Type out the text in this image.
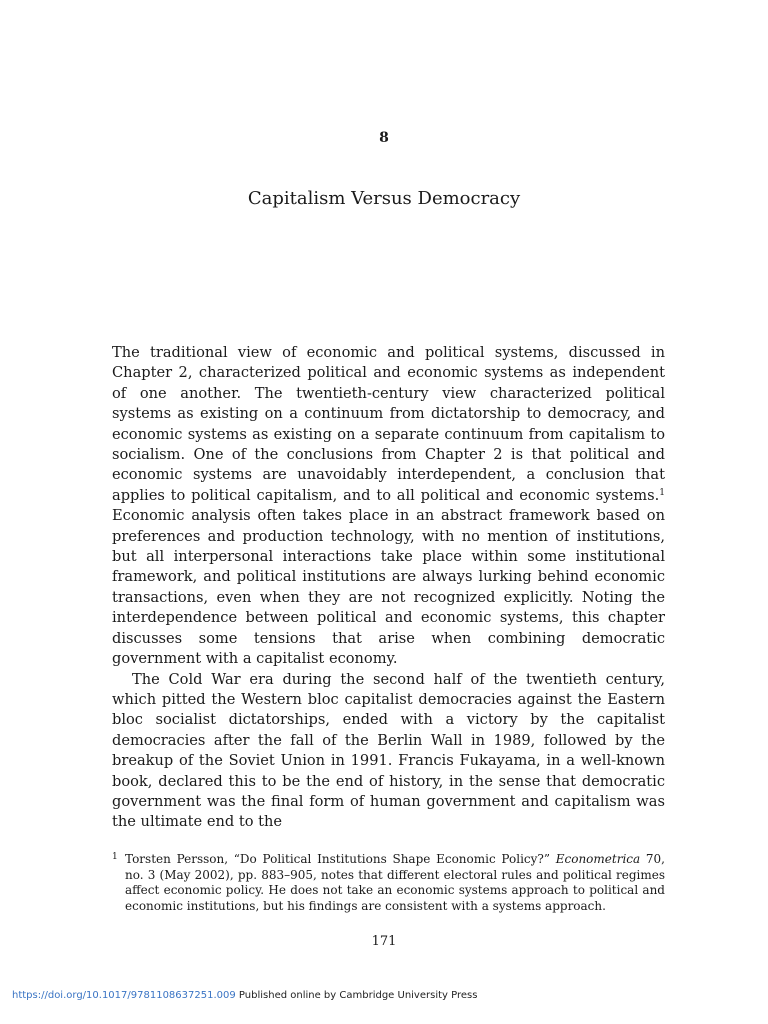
8
Capitalism Versus Democracy

The traditional view of economic and political systems, discussed in Chapter 2, characterized political and economic systems as independent of one another. The twentieth-century view characterized political systems as existing on a continuum from dictatorship to democracy, and economic systems as existing on a separate continuum from capitalism to socialism. One of the conclusions from Chapter 2 is that political and economic systems are unavoidably interdependent, a conclusion that applies to political capitalism, and to all political and economic systems.$^1$ Economic analysis often takes place in an abstract framework based on preferences and production technology, with no mention of institutions, but all interpersonal interactions take place within some institutional framework, and political institutions are always lurking behind economic transactions, even when they are not recognized explicitly. Noting the interdependence between political and economic systems, this chapter discusses some tensions that arise when combining democratic government with a capitalist economy.

The Cold War era during the second half of the twentieth century, which pitted the Western bloc capitalist democracies against the Eastern bloc socialist dictatorships, ended with a victory by the capitalist democracies after the fall of the Berlin Wall in 1989, followed by the breakup of the Soviet Union in 1991. Francis Fukayama, in a well-known book, declared this to be the end of history, in the sense that democratic government was the final form of human government and capitalism was the ultimate end to the

1 Torsten Persson, “Do Political Institutions Shape Economic Policy?” Econometrica 70, no. 3 (May 2002), pp. 883–905, notes that different electoral rules and political regimes affect economic policy. He does not take an economic systems approach to political and economic institutions, but his findings are consistent with a systems approach.
171
https://doi.org/10.1017/9781108637251.009 Published online by Cambridge University Press
